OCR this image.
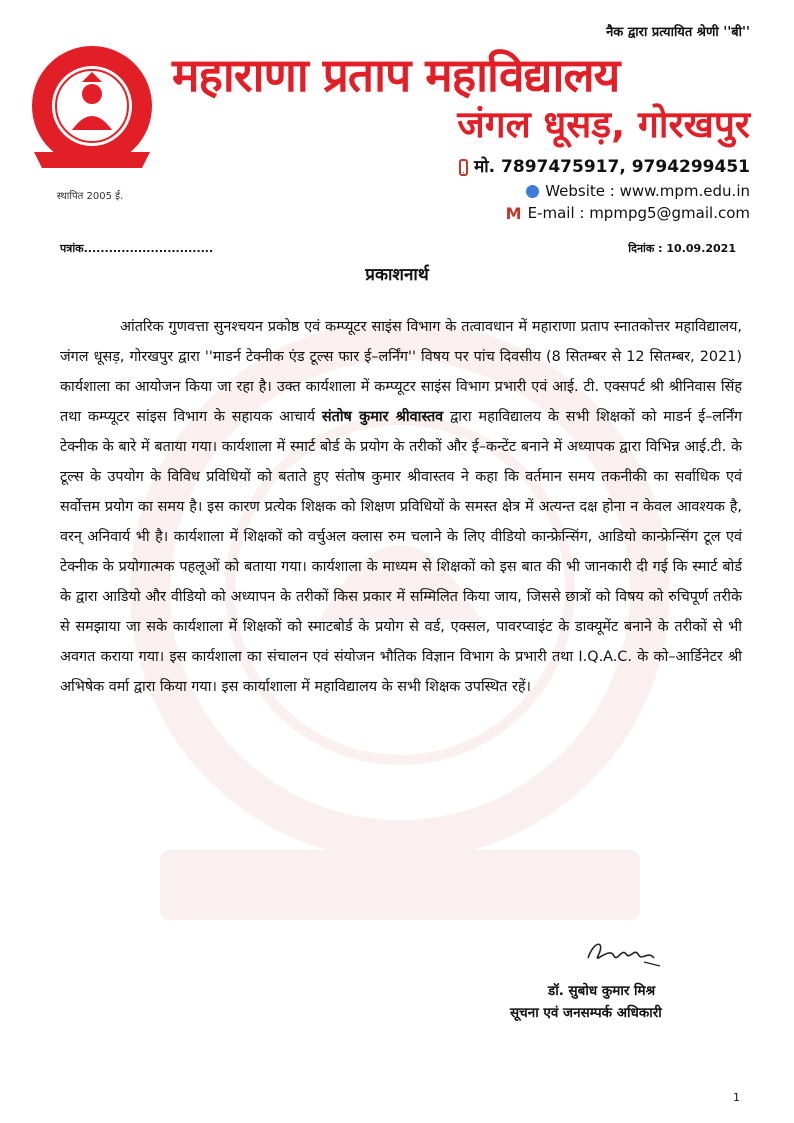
स्थापित 2005 ई.
नैक द्वारा प्रत्यायित श्रेणी ''बी''
महाराणा प्रताप महाविद्यालय
जंगल धूसड़, गोरखपुर
मो. 7897475917, 9794299451
Website : www.mpm.edu.in
M E-mail : mpmpg5@gmail.com
पत्रांक...............................	दिनांक : 10.09.2021
प्रकाशनार्थ

आंतरिक गुणवत्ता सुनश्चयन प्रकोष्ठ एवं कम्प्यूटर साइंस विभाग के तत्वावधान में महाराणा प्रताप स्नातकोत्तर महाविद्यालय, जंगल धूसड़, गोरखपुर द्वारा ''माडर्न टेक्नीक एंड टूल्स फार ई–लर्निंग'' विषय पर पांच दिवसीय (8 सितम्बर से 12 सितम्बर, 2021) कार्यशाला का आयोजन किया जा रहा है। उक्त कार्यशाला में कम्प्यूटर साइंस विभाग प्रभारी एवं आई. टी. एक्सपर्ट श्री श्रीनिवास सिंह तथा कम्प्यूटर सांइस विभाग के सहायक आचार्य संतोष कुमार श्रीवास्तव द्वारा महाविद्यालय के सभी शिक्षकों को माडर्न ई–लर्निंग टेक्नीक के बारे में बताया गया। कार्यशाला में स्मार्ट बोर्ड के प्रयोग के तरीकों और ई–कन्टेंट बनाने में अध्यापक द्वारा विभिन्न आई.टी. के टूल्स के उपयोग के विविध प्रविधियों को बताते हुए संतोष कुमार श्रीवास्तव ने कहा कि वर्तमान समय तकनीकी का सर्वाधिक एवं सर्वोत्तम प्रयोग का समय है। इस कारण प्रत्येक शिक्षक को शिक्षण प्रविधियों के समस्त क्षेत्र में अत्यन्त दक्ष होना न केवल आवश्यक है, वरन् अनिवार्य भी है। कार्यशाला में शिक्षकों को वर्चुअल क्लास रुम चलाने के लिए वीडियो कान्फ्रेन्सिंग, आडियो कान्फ्रेन्सिंग टूल एवं टेक्नीक के प्रयोगात्मक पहलूओं को बताया गया। कार्यशाला के माध्यम से शिक्षकों को इस बात की भी जानकारी दी गई कि स्मार्ट बोर्ड के द्वारा आडियो और वीडियो को अध्यापन के तरीकों किस प्रकार में सम्मिलित किया जाय, जिससे छात्रों को विषय को रुचिपूर्ण तरीके से समझाया जा सके कार्यशाला में शिक्षकों को स्माटबोर्ड के प्रयोग से वर्ड, एक्सल, पावरप्वाइंट के डाक्यूमेंट बनाने के तरीकों से भी अवगत कराया गया। इस कार्यशाला का संचालन एवं संयोजन भौतिक विज्ञान विभाग के प्रभारी तथा I.Q.A.C. के को–आर्डिनेटर श्री अभिषेक वर्मा द्वारा किया गया। इस कार्याशाला में महाविद्यालय के सभी शिक्षक उपस्थित रहें।

डॉ. सुबोध कुमार मिश्र
सूचना एवं जनसम्पर्क अधिकारी
1
